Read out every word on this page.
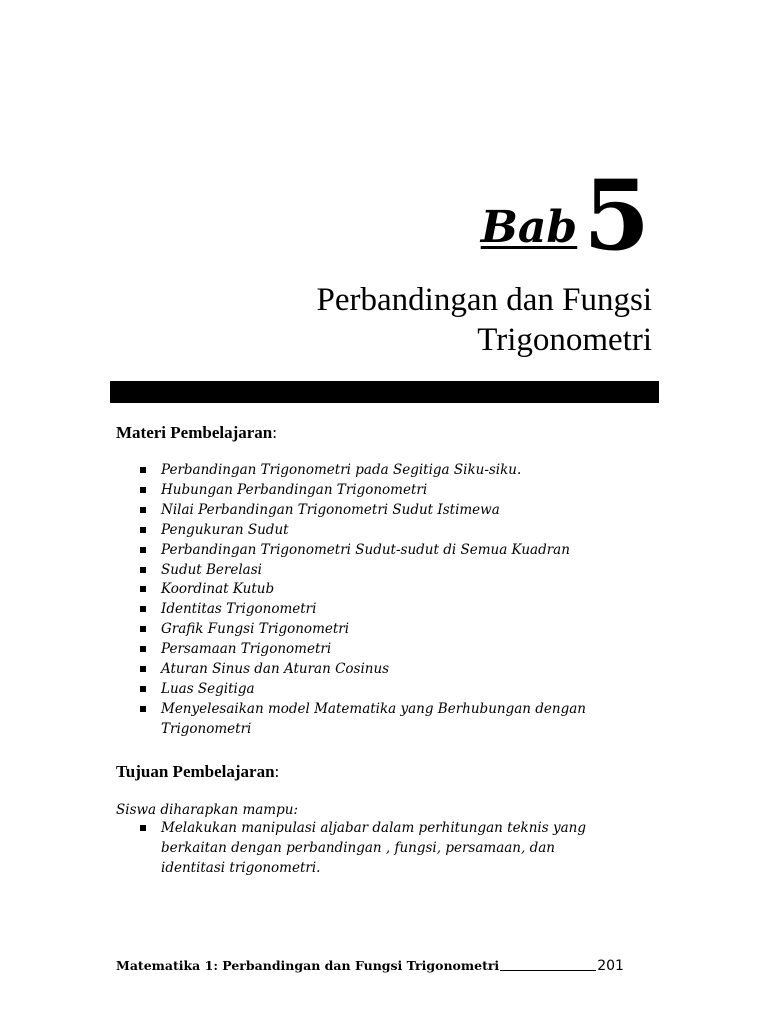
Bab 5
Perbandingan dan Fungsi
Trigonometri
Materi Pembelajaran:
Perbandingan Trigonometri pada Segitiga Siku-siku.
Hubungan Perbandingan Trigonometri
Nilai Perbandingan Trigonometri Sudut Istimewa
Pengukuran Sudut
Perbandingan Trigonometri Sudut-sudut di Semua Kuadran
Sudut Berelasi
Koordinat Kutub
Identitas Trigonometri
Grafik Fungsi Trigonometri
Persamaan Trigonometri
Aturan Sinus dan Aturan Cosinus
Luas Segitiga
Menyelesaikan model Matematika yang Berhubungan dengan Trigonometri
Tujuan Pembelajaran:
Siswa diharapkan mampu:
Melakukan manipulasi aljabar dalam perhitungan teknis yang berkaitan dengan perbandingan , fungsi, persamaan, dan identitasi trigonometri.
Matematika 1: Perbandingan dan Fungsi Trigonometri	201
